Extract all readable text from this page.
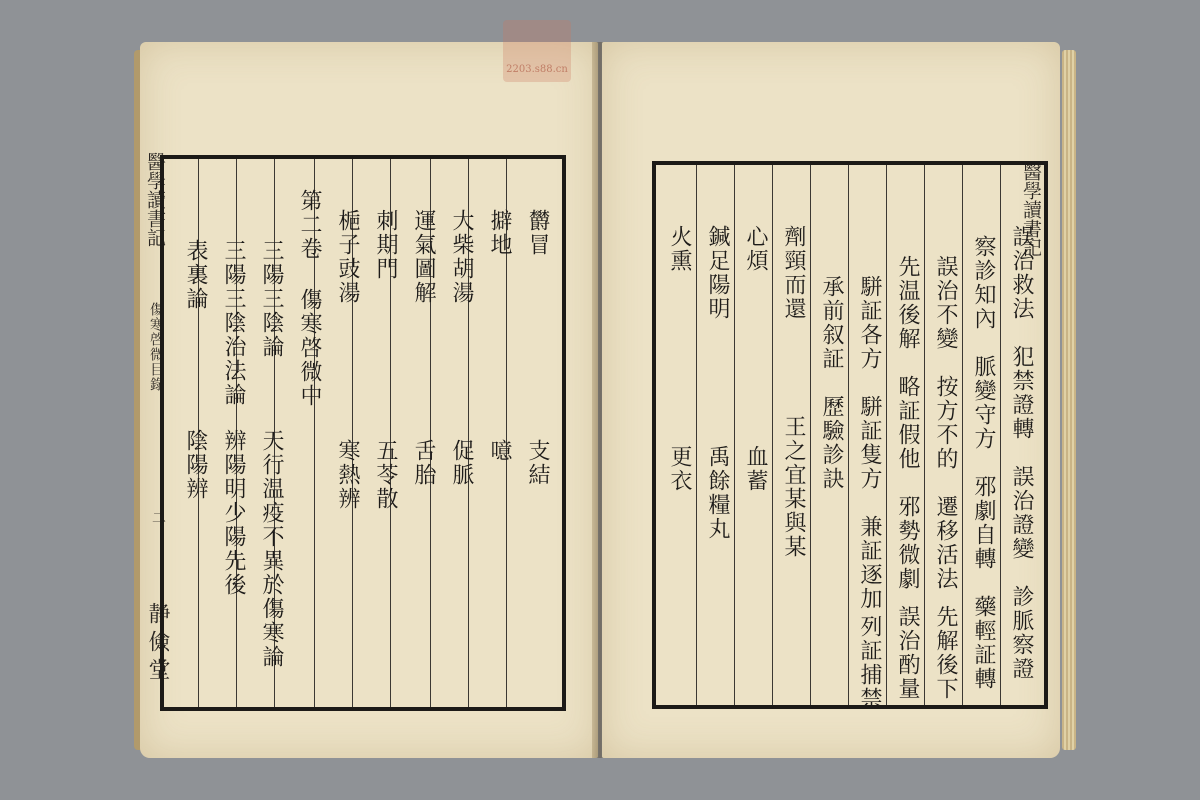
2203.s88.cn
醫學讀書記
傷寒啓微目錄
二
静儉堂
欝冒
支結
擗地
噫
大柴胡湯
促脈
運氣圖解
舌胎
刺期門
五苓散
梔子豉湯
寒熱辨
第二卷 傷寒啓微中
三陽三陰論
天行温疫不異於傷寒論
三陽三陰治法論
辨陽明少陽先後
表裏論
陰陽辨
醫學讀書記
誤治救法
犯禁證轉
誤治證變
診脈察證
察診知內
脈變守方
邪劇自轉
藥輕証轉
誤治不變
按方不的
遷移活法
先解後下
先温後解
略証假他
邪勢微劇
誤治酌量
駢証各方
駢証隻方
兼証逐加
列証捕禁
承前叙証
歷驗診訣
劑頸而還
王之宜某與某
心煩
血蓄
鍼足陽明
禹餘糧丸
火熏
更衣
